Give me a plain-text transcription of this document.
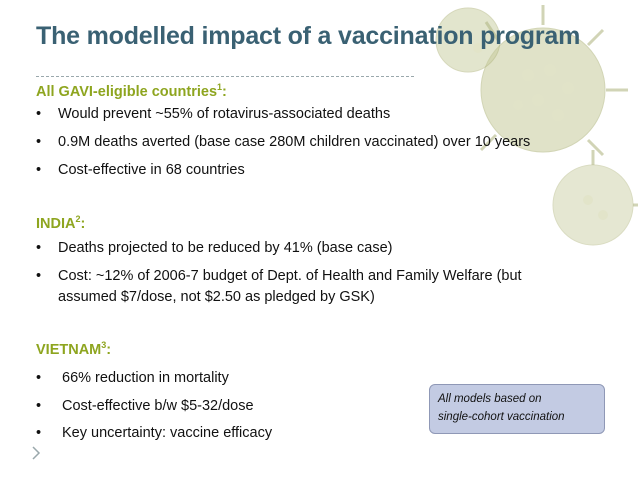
The modelled impact of a vaccination program
All GAVI-eligible countries$^1$:
• Would prevent ~55% of rotavirus-associated deaths
• 0.9M deaths averted (base case 280M children vaccinated) over 10 years
• Cost-effective in 68 countries
INDIA$^2$:
• Deaths projected to be reduced by 41% (base case)
• Cost: ~12% of 2006-7 budget of Dept. of Health and Family Welfare (but assumed $7/dose, not $2.50 as pledged by GSK)
VIETNAM$^3$:
• 66% reduction in mortality
• Cost-effective b/w $5-32/dose
• Key uncertainty: vaccine efficacy
All models based on
single-cohort vaccination
